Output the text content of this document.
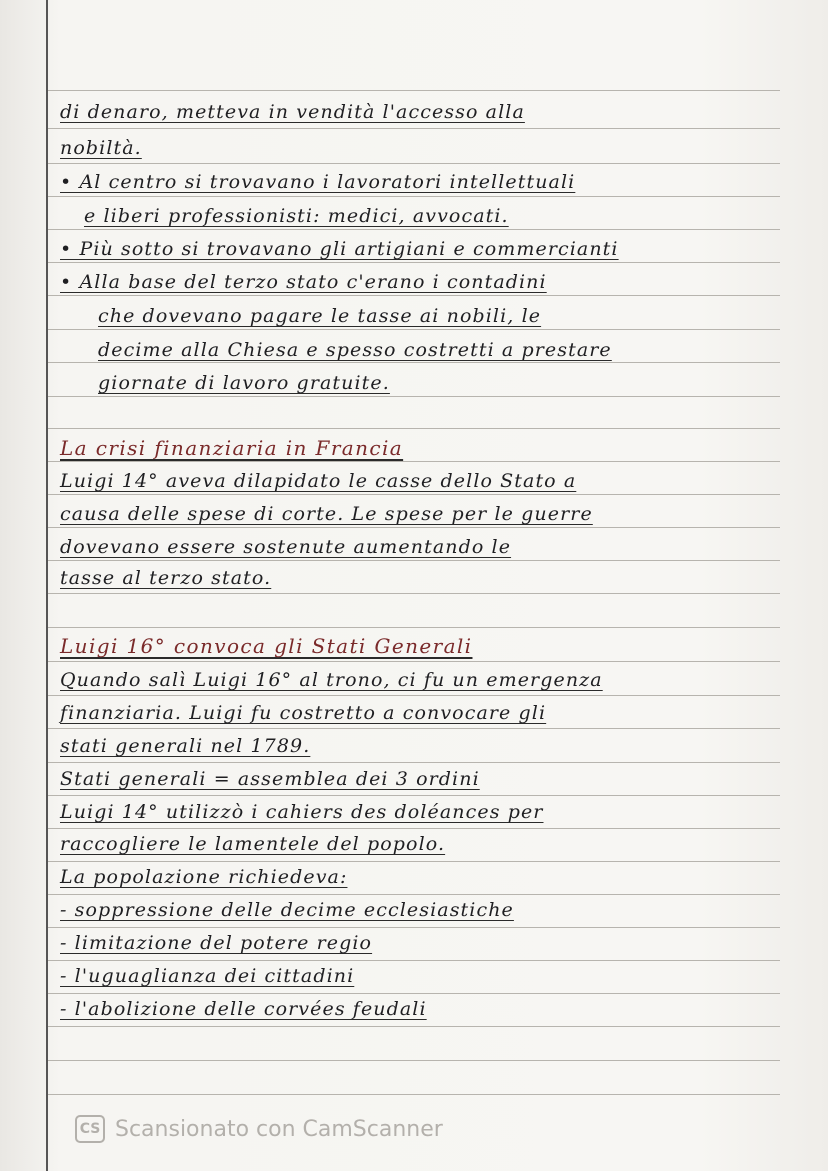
di denaro, metteva in vendità l'accesso alla
nobiltà.
• Al centro si trovavano i lavoratori intellettuali
e liberi professionisti: medici, avvocati.
• Più sotto si trovavano gli artigiani e commercianti
• Alla base del terzo stato c'erano i contadini
che dovevano pagare le tasse ai nobili, le
decime alla Chiesa e spesso costretti a prestare
giornate di lavoro gratuite.
La crisi finanziaria in Francia
Luigi 14° aveva dilapidato le casse dello Stato a
causa delle spese di corte. Le spese per le guerre
dovevano essere sostenute aumentando le
tasse al terzo stato.
Luigi 16° convoca gli Stati Generali
Quando salì Luigi 16° al trono, ci fu un emergenza
finanziaria. Luigi fu costretto a convocare gli
stati generali nel 1789.
Stati generali = assemblea dei 3 ordini
Luigi 14° utilizzò i cahiers des doléances per
raccogliere le lamentele del popolo.
La popolazione richiedeva:
- soppressione delle decime ecclesiastiche
- limitazione del potere regio
- l'uguaglianza dei cittadini
- l'abolizione delle corvées feudali
CS Scansionato con CamScanner
